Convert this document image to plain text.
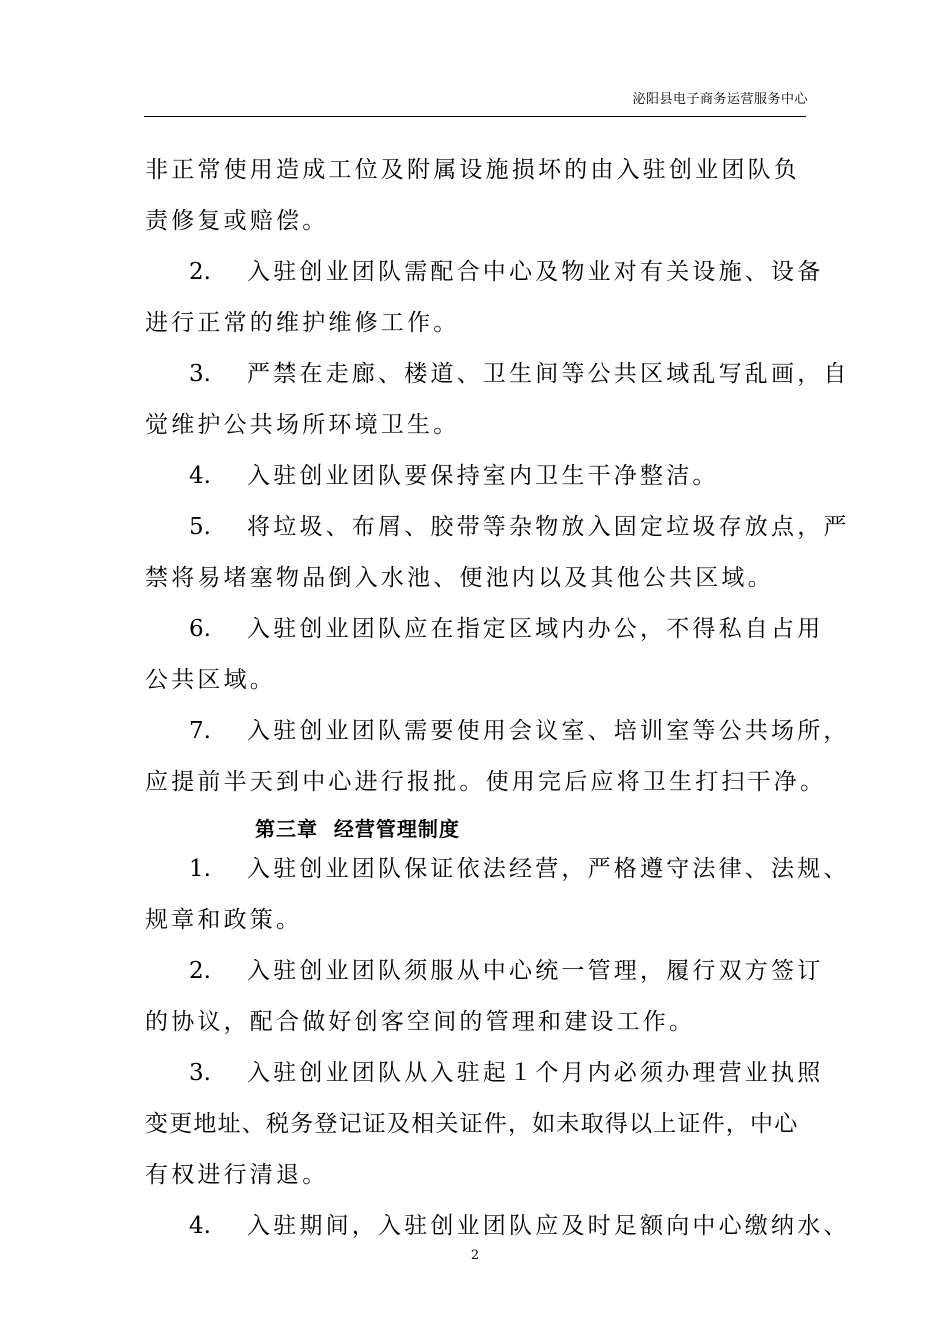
泌阳县电子商务运营服务中心
非正常使用造成工位及附属设施损坏的由入驻创业团队负
责修复或赔偿。
2. 入驻创业团队需配合中心及物业对有关设施、设备
进行正常的维护维修工作。
3. 严禁在走廊、楼道、卫生间等公共区域乱写乱画，自
觉维护公共场所环境卫生。
4. 入驻创业团队要保持室内卫生干净整洁。
5. 将垃圾、布屑、胶带等杂物放入固定垃圾存放点，严
禁将易堵塞物品倒入水池、便池内以及其他公共区域。
6. 入驻创业团队应在指定区域内办公，不得私自占用
公共区域。
7. 入驻创业团队需要使用会议室、培训室等公共场所，
应提前半天到中心进行报批。使用完后应将卫生打扫干净。
第三章  经营管理制度
1. 入驻创业团队保证依法经营，严格遵守法律、法规、
规章和政策。
2. 入驻创业团队须服从中心统一管理，履行双方签订
的协议，配合做好创客空间的管理和建设工作。
3. 入驻创业团队从入驻起１个月内必须办理营业执照
变更地址、税务登记证及相关证件，如未取得以上证件，中心
有权进行清退。
4. 入驻期间，入驻创业团队应及时足额向中心缴纳水、
2
